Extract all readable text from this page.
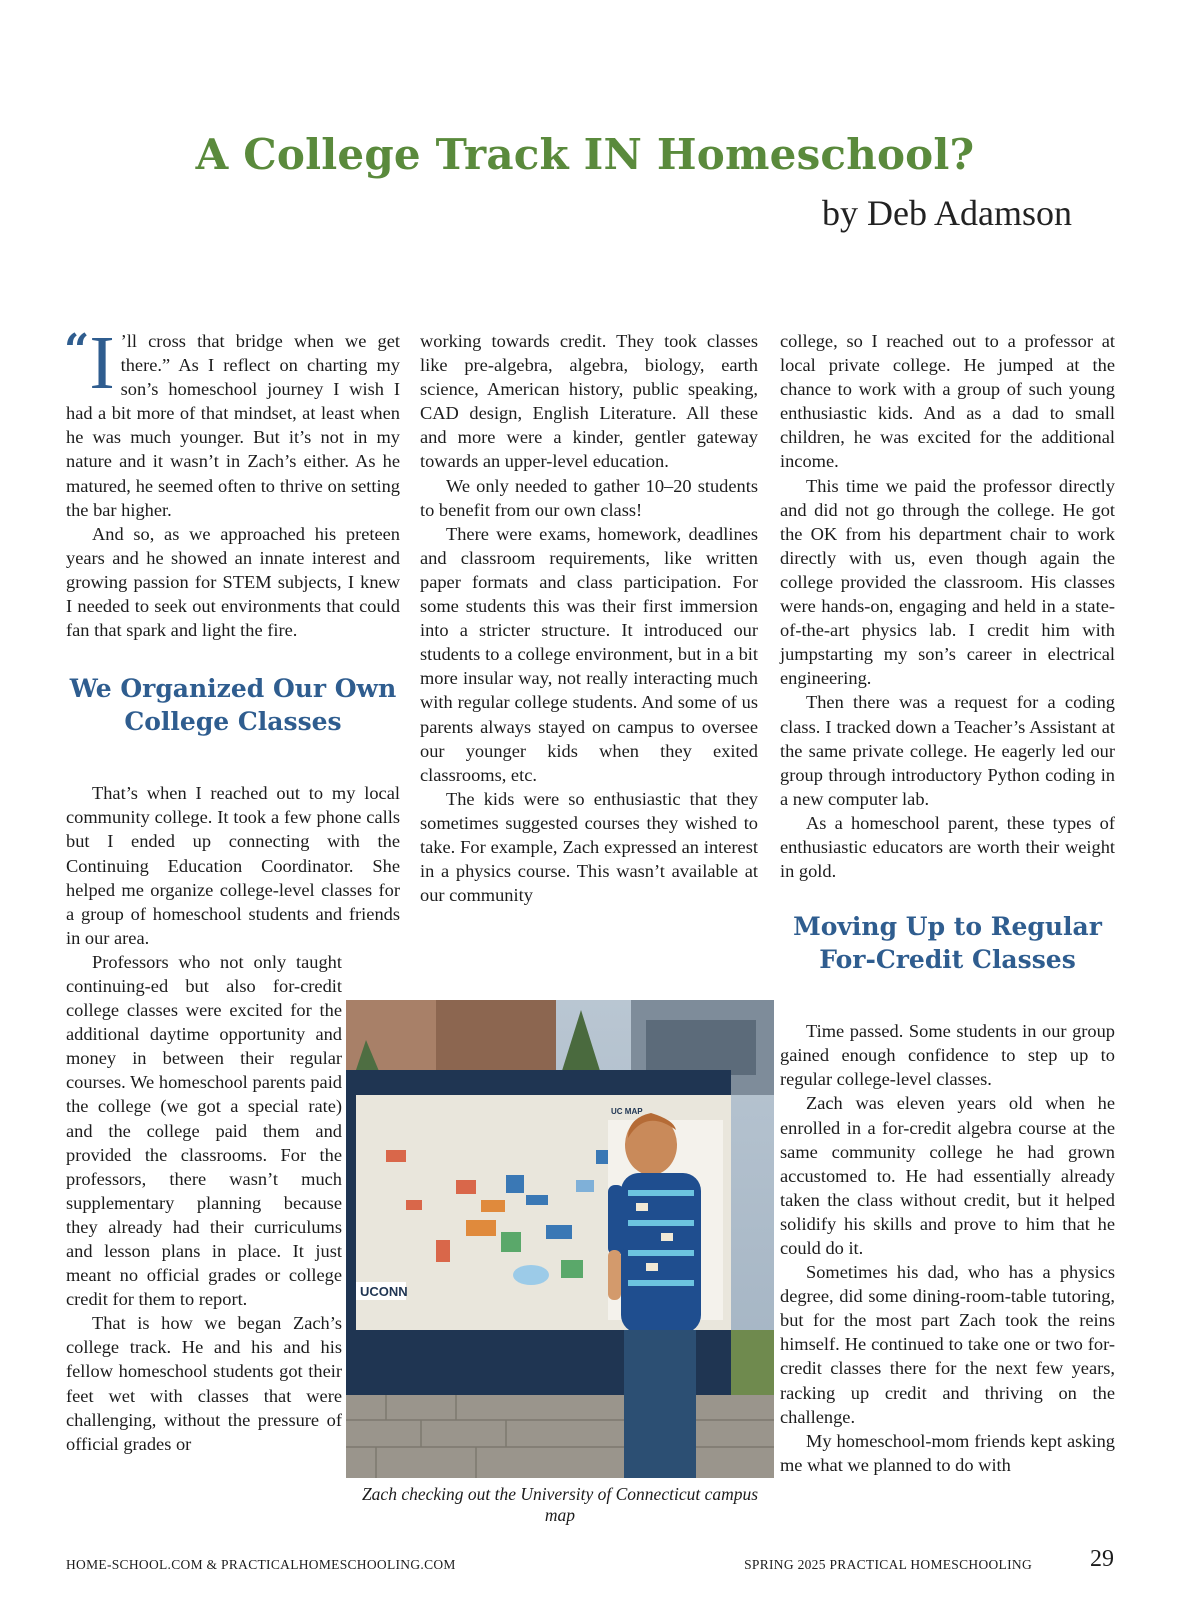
A College Track IN Homeschool?

by Deb Adamson

“I ’ll cross that bridge when we get there.” As I reflect on charting my son’s homeschool journey I wish I had a bit more of that mindset, at least when he was much younger. But it’s not in my nature and it wasn’t in Zach’s either. As he matured, he seemed often to thrive on setting the bar higher.

And so, as we approached his preteen years and he showed an innate interest and growing passion for STEM subjects, I knew I needed to seek out environments that could fan that spark and light the fire.

We Organized Our Own College Classes

That’s when I reached out to my local community college. It took a few phone calls but I ended up connecting with the Continuing Education Coordinator. She helped me organize college-level classes for a group of homeschool students and friends in our area.

Professors who not only taught continuing-ed but also for-credit college classes were excited for the additional daytime opportunity and money in between their regular courses. We homeschool parents paid the college (we got a special rate) and the college paid them and provided the classrooms. For the professors, there wasn’t much supplementary planning because they already had their curriculums and lesson plans in place. It just meant no official grades or college credit for them to report.

That is how we began Zach’s college track. He and his and his fellow homeschool students got their feet wet with classes that were challenging, without the pressure of official grades or

working towards credit. They took classes like pre-algebra, algebra, biology, earth science, American history, public speaking, CAD design, English Literature. All these and more were a kinder, gentler gateway towards an upper-level education.

We only needed to gather 10–20 students to benefit from our own class!

There were exams, homework, deadlines and classroom requirements, like written paper formats and class participation. For some students this was their first immersion into a stricter structure. It introduced our students to a college environment, but in a bit more insular way, not really interacting much with regular college students. And some of us parents always stayed on campus to oversee our younger kids when they exited classrooms, etc.

The kids were so enthusiastic that they sometimes suggested courses they wished to take. For example, Zach expressed an interest in a physics course. This wasn’t available at our community

college, so I reached out to a professor at local private college. He jumped at the chance to work with a group of such young enthusiastic kids. And as a dad to small children, he was excited for the additional income.

This time we paid the professor directly and did not go through the college. He got the OK from his department chair to work directly with us, even though again the college provided the classroom. His classes were hands-on, engaging and held in a state-of-the-art physics lab. I credit him with jumpstarting my son’s career in electrical engineering.

Then there was a request for a coding class. I tracked down a Teacher’s Assistant at the same private college. He eagerly led our group through introductory Python coding in a new computer lab.

As a homeschool parent, these types of enthusiastic educators are worth their weight in gold.

Moving Up to Regular For-Credit Classes

Time passed. Some students in our group gained enough confidence to step up to regular college-level classes.

Zach was eleven years old when he enrolled in a for-credit algebra course at the same community college he had grown accustomed to. He had essentially already taken the class without credit, but it helped solidify his skills and prove to him that he could do it.

Sometimes his dad, who has a physics degree, did some dining-room-table tutoring, but for the most part Zach took the reins himself. He continued to take one or two for-credit classes there for the next few years, racking up credit and thriving on the challenge.

My homeschool-mom friends kept asking me what we planned to do with

UCONN
UC MAP

Zach checking out the University of Connecticut campus map

HOME-SCHOOL.COM & PRACTICALHOMESCHOOLING.COM	SPRING 2025 PRACTICAL HOMESCHOOLING 29
